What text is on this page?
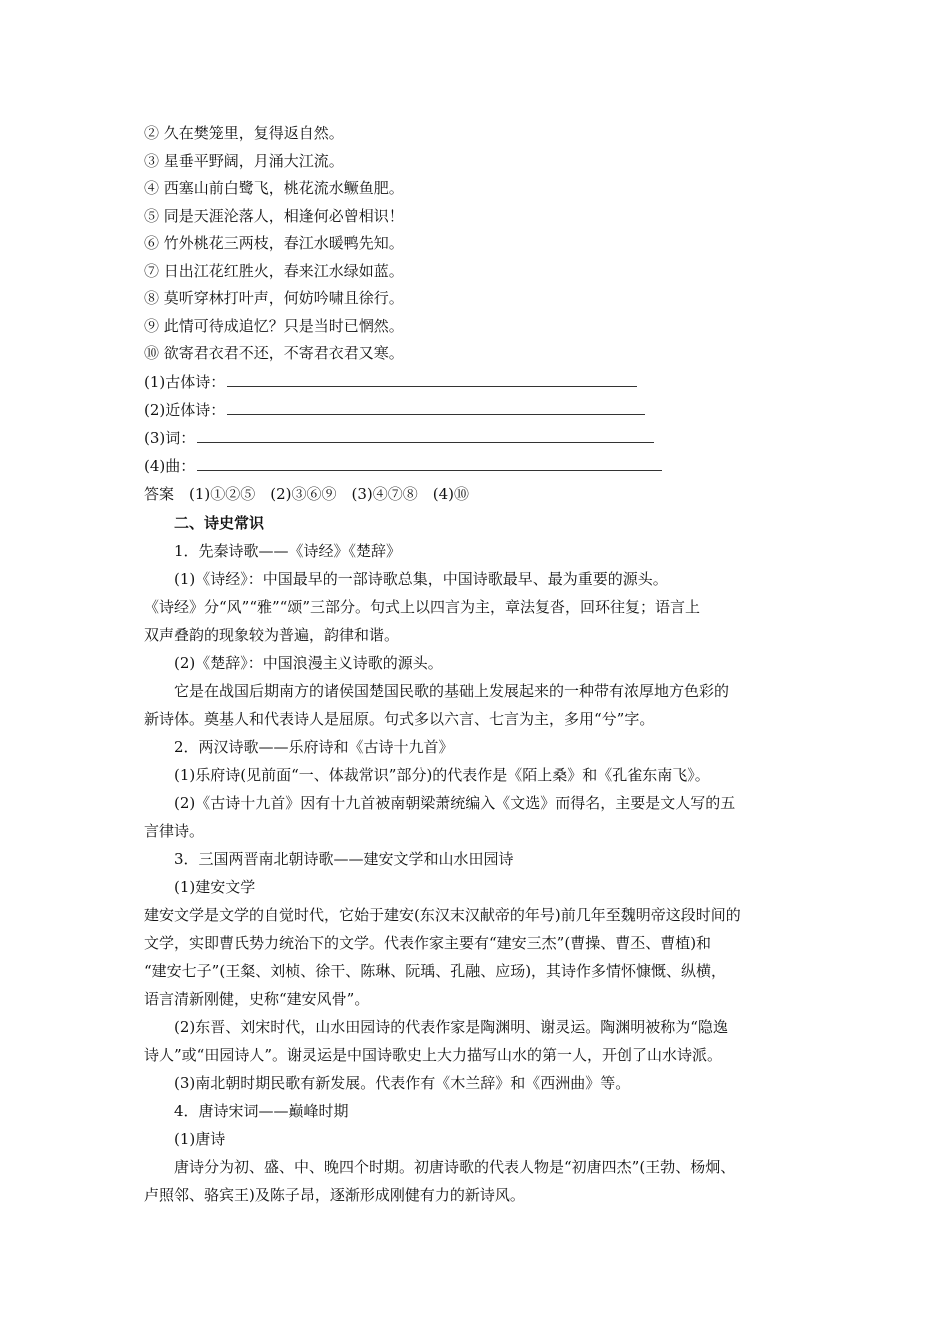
② 久在樊笼里，复得返自然。
③ 星垂平野阔，月涌大江流。
④ 西塞山前白鹭飞，桃花流水鳜鱼肥。
⑤ 同是天涯沦落人，相逢何必曾相识！
⑥ 竹外桃花三两枝，春江水暖鸭先知。
⑦ 日出江花红胜火，春来江水绿如蓝。
⑧ 莫听穿林打叶声，何妨吟啸且徐行。
⑨ 此情可待成追忆？只是当时已惘然。
⑩ 欲寄君衣君不还，不寄君衣君又寒。
(1)古体诗：
(2)近体诗：
(3)词：
(4)曲：
答案　(1)①②⑤　(2)③⑥⑨　(3)④⑦⑧　(4)⑩
二、诗史常识
1．先秦诗歌——《诗经》《楚辞》
(1)《诗经》：中国最早的一部诗歌总集，中国诗歌最早、最为重要的源头。
《诗经》分“风”“雅”“颂”三部分。句式上以四言为主，章法复沓，回环往复；语言上
双声叠韵的现象较为普遍，韵律和谐。
(2)《楚辞》：中国浪漫主义诗歌的源头。
它是在战国后期南方的诸侯国楚国民歌的基础上发展起来的一种带有浓厚地方色彩的
新诗体。奠基人和代表诗人是屈原。句式多以六言、七言为主，多用“兮”字。
2．两汉诗歌——乐府诗和《古诗十九首》
(1)乐府诗(见前面“一、体裁常识”部分)的代表作是《陌上桑》和《孔雀东南飞》。
(2)《古诗十九首》因有十九首被南朝梁萧统编入《文选》而得名，主要是文人写的五
言律诗。
3．三国两晋南北朝诗歌——建安文学和山水田园诗
(1)建安文学
建安文学是文学的自觉时代，它始于建安(东汉末汉献帝的年号)前几年至魏明帝这段时间的
文学，实即曹氏势力统治下的文学。代表作家主要有“建安三杰”(曹操、曹丕、曹植)和
“建安七子”(王粲、刘桢、徐干、陈琳、阮瑀、孔融、应玚)，其诗作多情怀慷慨、纵横，
语言清新刚健，史称“建安风骨”。
(2)东晋、刘宋时代，山水田园诗的代表作家是陶渊明、谢灵运。陶渊明被称为“隐逸
诗人”或“田园诗人”。谢灵运是中国诗歌史上大力描写山水的第一人，开创了山水诗派。
(3)南北朝时期民歌有新发展。代表作有《木兰辞》和《西洲曲》等。
4．唐诗宋词——巅峰时期
(1)唐诗
唐诗分为初、盛、中、晚四个时期。初唐诗歌的代表人物是“初唐四杰”(王勃、杨炯、
卢照邻、骆宾王)及陈子昂，逐渐形成刚健有力的新诗风。
